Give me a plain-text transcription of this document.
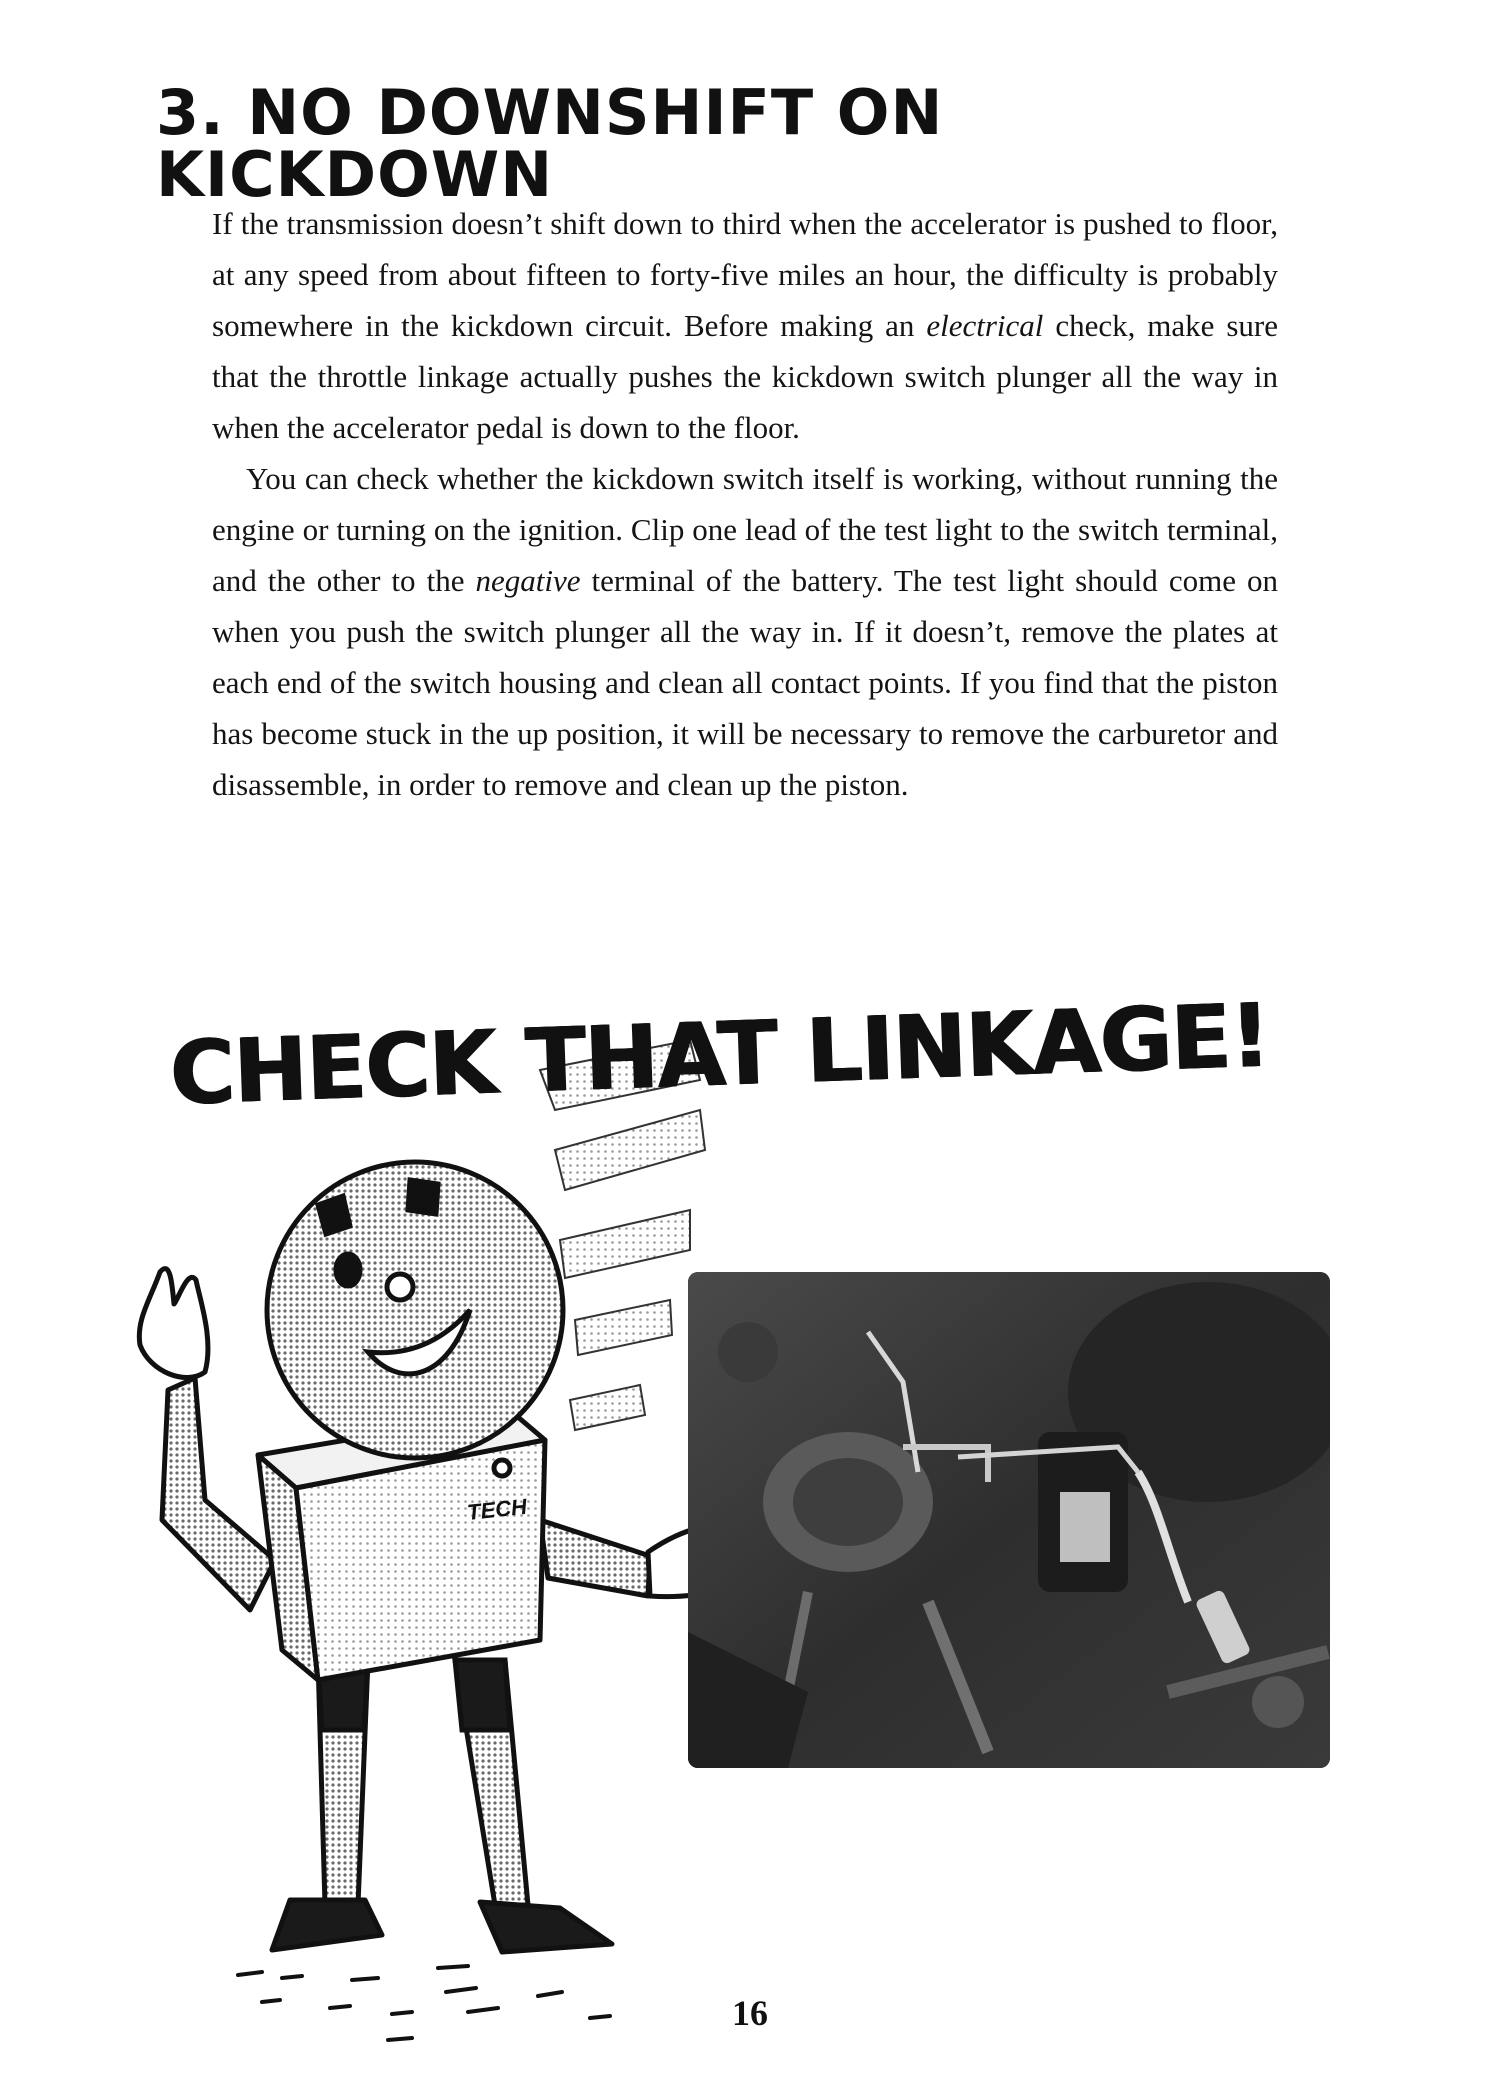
3. NO DOWNSHIFT ON KICKDOWN

If the transmission doesn’t shift down to third when the accelerator is pushed to floor, at any speed from about fifteen to forty-five miles an hour, the difficulty is probably somewhere in the kickdown circuit. Before making an electrical check, make sure that the throttle linkage actually pushes the kickdown switch plunger all the way in when the accelerator pedal is down to the floor.

You can check whether the kickdown switch itself is working, without running the engine or turning on the ignition. Clip one lead of the test light to the switch terminal, and the other to the negative terminal of the battery. The test light should come on when you push the switch plunger all the way in. If it doesn’t, remove the plates at each end of the switch housing and clean all contact points. If you find that the piston has become stuck in the up position, it will be necessary to remove the carburetor and disassemble, in order to remove and clean up the piston.

CHECK THAT LINKAGE!
TECH
16
